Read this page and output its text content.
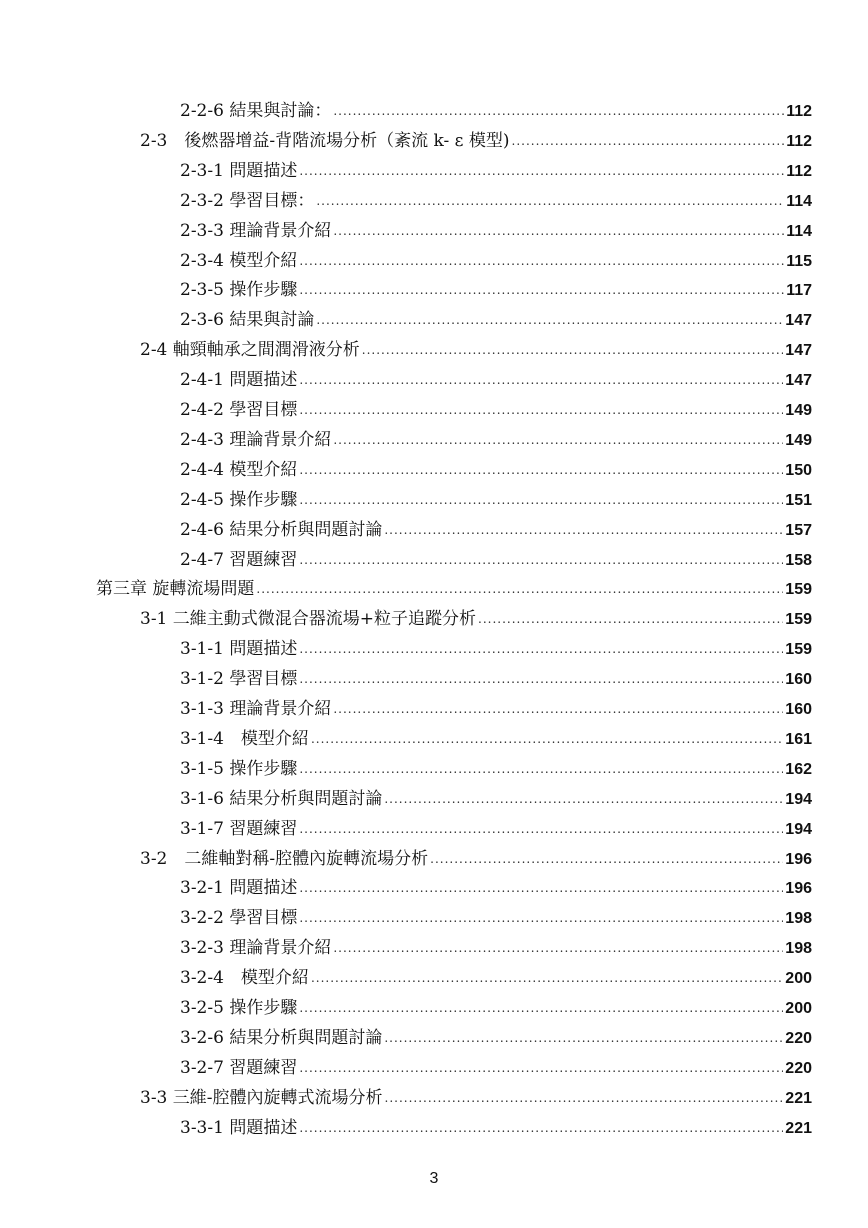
2-2-6 結果與討論： .....	112
2-3　後燃器增益-背階流場分析（紊流 k- ε 模型) .....	112
2-3-1 問題描述 .....	112
2-3-2 學習目標： .....	114
2-3-3 理論背景介紹 .....	114
2-3-4 模型介紹 .....	115
2-3-5 操作步驟 .....	117
2-3-6 結果與討論 .....	147
2-4 軸頸軸承之間潤滑液分析 .....	147
2-4-1 問題描述 .....	147
2-4-2 學習目標 .....	149
2-4-3 理論背景介紹 .....	149
2-4-4 模型介紹 .....	150
2-4-5 操作步驟 .....	151
2-4-6 結果分析與問題討論 .....	157
2-4-7 習題練習 .....	158
第三章 旋轉流場問題 .....	159
3-1 二維主動式微混合器流場+粒子追蹤分析 .....	159
3-1-1 問題描述 .....	159
3-1-2 學習目標 .....	160
3-1-3 理論背景介紹 .....	160
3-1-4　模型介紹 .....	161
3-1-5 操作步驟 .....	162
3-1-6 結果分析與問題討論 .....	194
3-1-7 習題練習 .....	194
3-2　二維軸對稱-腔體內旋轉流場分析 .....	196
3-2-1 問題描述 .....	196
3-2-2 學習目標 .....	198
3-2-3 理論背景介紹 .....	198
3-2-4　模型介紹 .....	200
3-2-5 操作步驟 .....	200
3-2-6 結果分析與問題討論 .....	220
3-2-7 習題練習 .....	220
3-3 三維-腔體內旋轉式流場分析 .....	221
3-3-1 問題描述 .....	221
3
